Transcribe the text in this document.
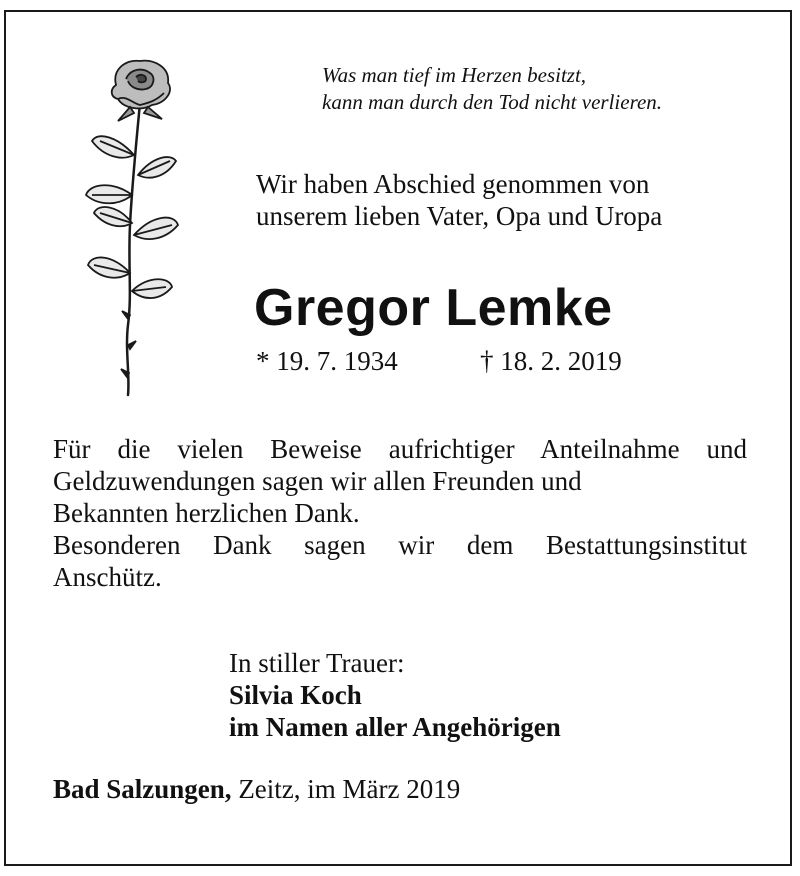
Was man tief im Herzen besitzt,
kann man durch den Tod nicht verlieren.
Wir haben Abschied genommen von
unserem lieben Vater, Opa und Uropa
Gregor Lemke
* 19. 7. 1934	† 18. 2. 2019
Für die vielen Beweise aufrichtiger Anteilnahme und
Geldzuwendungen sagen wir allen Freunden und
Bekannten herzlichen Dank.
Besonderen Dank sagen wir dem Bestattungsinstitut
Anschütz.
In stiller Trauer:
Silvia Koch
im Namen aller Angehörigen
Bad Salzungen, Zeitz, im März 2019
